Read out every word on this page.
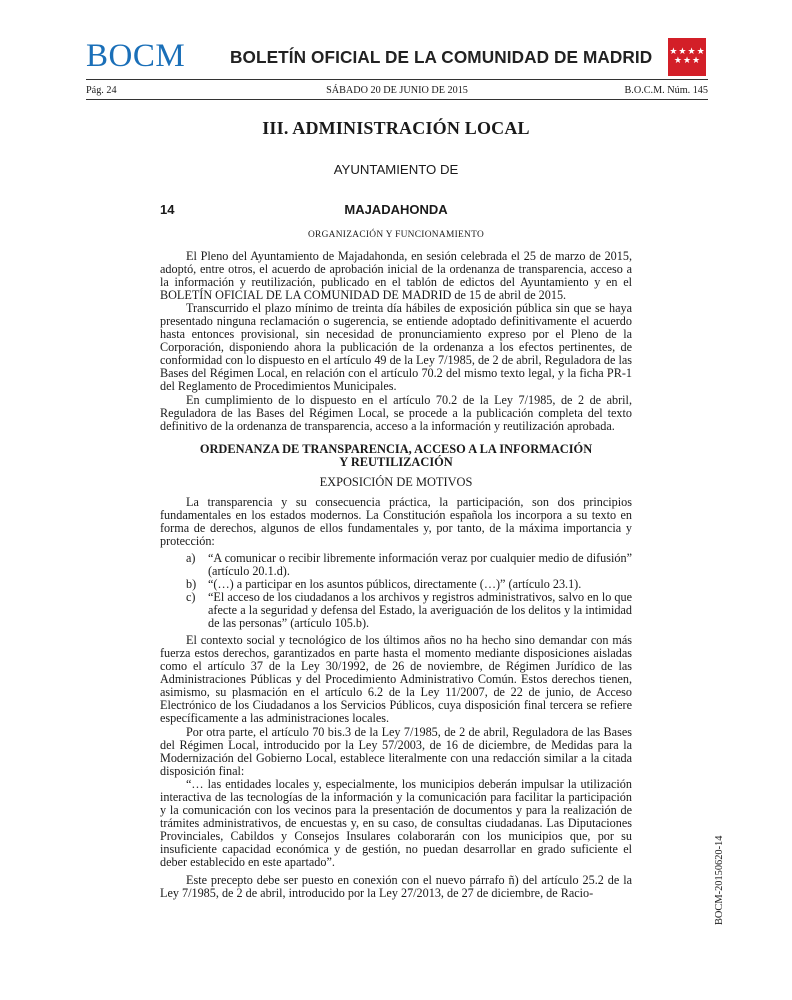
BOCM	BOLETÍN OFICIAL DE LA COMUNIDAD DE MADRID ★ ★ ★ ★
★ ★ ★
Pág. 24	SÁBADO 20 DE JUNIO DE 2015	B.O.C.M. Núm. 145
III. ADMINISTRACIÓN LOCAL
AYUNTAMIENTO DE
14	MAJADAHONDA
ORGANIZACIÓN Y FUNCIONAMIENTO

El Pleno del Ayuntamiento de Majadahonda, en sesión celebrada el 25 de marzo de 2015, adoptó, entre otros, el acuerdo de aprobación inicial de la ordenanza de transparencia, acceso a la información y reutilización, publicado en el tablón de edictos del Ayuntamiento y en el BOLETÍN OFICIAL DE LA COMUNIDAD DE MADRID de 15 de abril de 2015.

Transcurrido el plazo mínimo de treinta día hábiles de exposición pública sin que se haya presentado ninguna reclamación o sugerencia, se entiende adoptado definitivamente el acuerdo hasta entonces provisional, sin necesidad de pronunciamiento expreso por el Pleno de la Corporación, disponiendo ahora la publicación de la ordenanza a los efectos pertinentes, de conformidad con lo dispuesto en el artículo 49 de la Ley 7/1985, de 2 de abril, Reguladora de las Bases del Régimen Local, en relación con el artículo 70.2 del mismo texto legal, y la ficha PR-1 del Reglamento de Procedimientos Municipales.

En cumplimiento de lo dispuesto en el artículo 70.2 de la Ley 7/1985, de 2 de abril, Reguladora de las Bases del Régimen Local, se procede a la publicación completa del texto definitivo de la ordenanza de transparencia, acceso a la información y reutilización aprobada.

ORDENANZA DE TRANSPARENCIA, ACCESO A LA INFORMACIÓN
Y REUTILIZACIÓN
EXPOSICIÓN DE MOTIVOS

La transparencia y su consecuencia práctica, la participación, son dos principios fundamentales en los estados modernos. La Constitución española los incorpora a su texto en forma de derechos, algunos de ellos fundamentales y, por tanto, de la máxima importancia y protección:

a) “A comunicar o recibir libremente información veraz por cualquier medio de difusión” (artículo 20.1.d).
b) “(…) a participar en los asuntos públicos, directamente (…)” (artículo 23.1).
c) “El acceso de los ciudadanos a los archivos y registros administrativos, salvo en lo que afecte a la seguridad y defensa del Estado, la averiguación de los delitos y la intimidad de las personas” (artículo 105.b).

El contexto social y tecnológico de los últimos años no ha hecho sino demandar con más fuerza estos derechos, garantizados en parte hasta el momento mediante disposiciones aisladas como el artículo 37 de la Ley 30/1992, de 26 de noviembre, de Régimen Jurídico de las Administraciones Públicas y del Procedimiento Administrativo Común. Estos derechos tienen, asimismo, su plasmación en el artículo 6.2 de la Ley 11/2007, de 22 de junio, de Acceso Electrónico de los Ciudadanos a los Servicios Públicos, cuya disposición final tercera se refiere específicamente a las administraciones locales.

Por otra parte, el artículo 70 bis.3 de la Ley 7/1985, de 2 de abril, Reguladora de las Bases del Régimen Local, introducido por la Ley 57/2003, de 16 de diciembre, de Medidas para la Modernización del Gobierno Local, establece literalmente con una redacción similar a la citada disposición final:

“… las entidades locales y, especialmente, los municipios deberán impulsar la utilización interactiva de las tecnologías de la información y la comunicación para facilitar la participación y la comunicación con los vecinos para la presentación de documentos y para la realización de trámites administrativos, de encuestas y, en su caso, de consultas ciudadanas. Las Diputaciones Provinciales, Cabildos y Consejos Insulares colaborarán con los municipios que, por su insuficiente capacidad económica y de gestión, no puedan desarrollar en grado suficiente el deber establecido en este apartado”.

Este precepto debe ser puesto en conexión con el nuevo párrafo ñ) del artículo 25.2 de la Ley 7/1985, de 2 de abril, introducido por la Ley 27/2013, de 27 de diciembre, de Racio-	BOCM-20150620-14
